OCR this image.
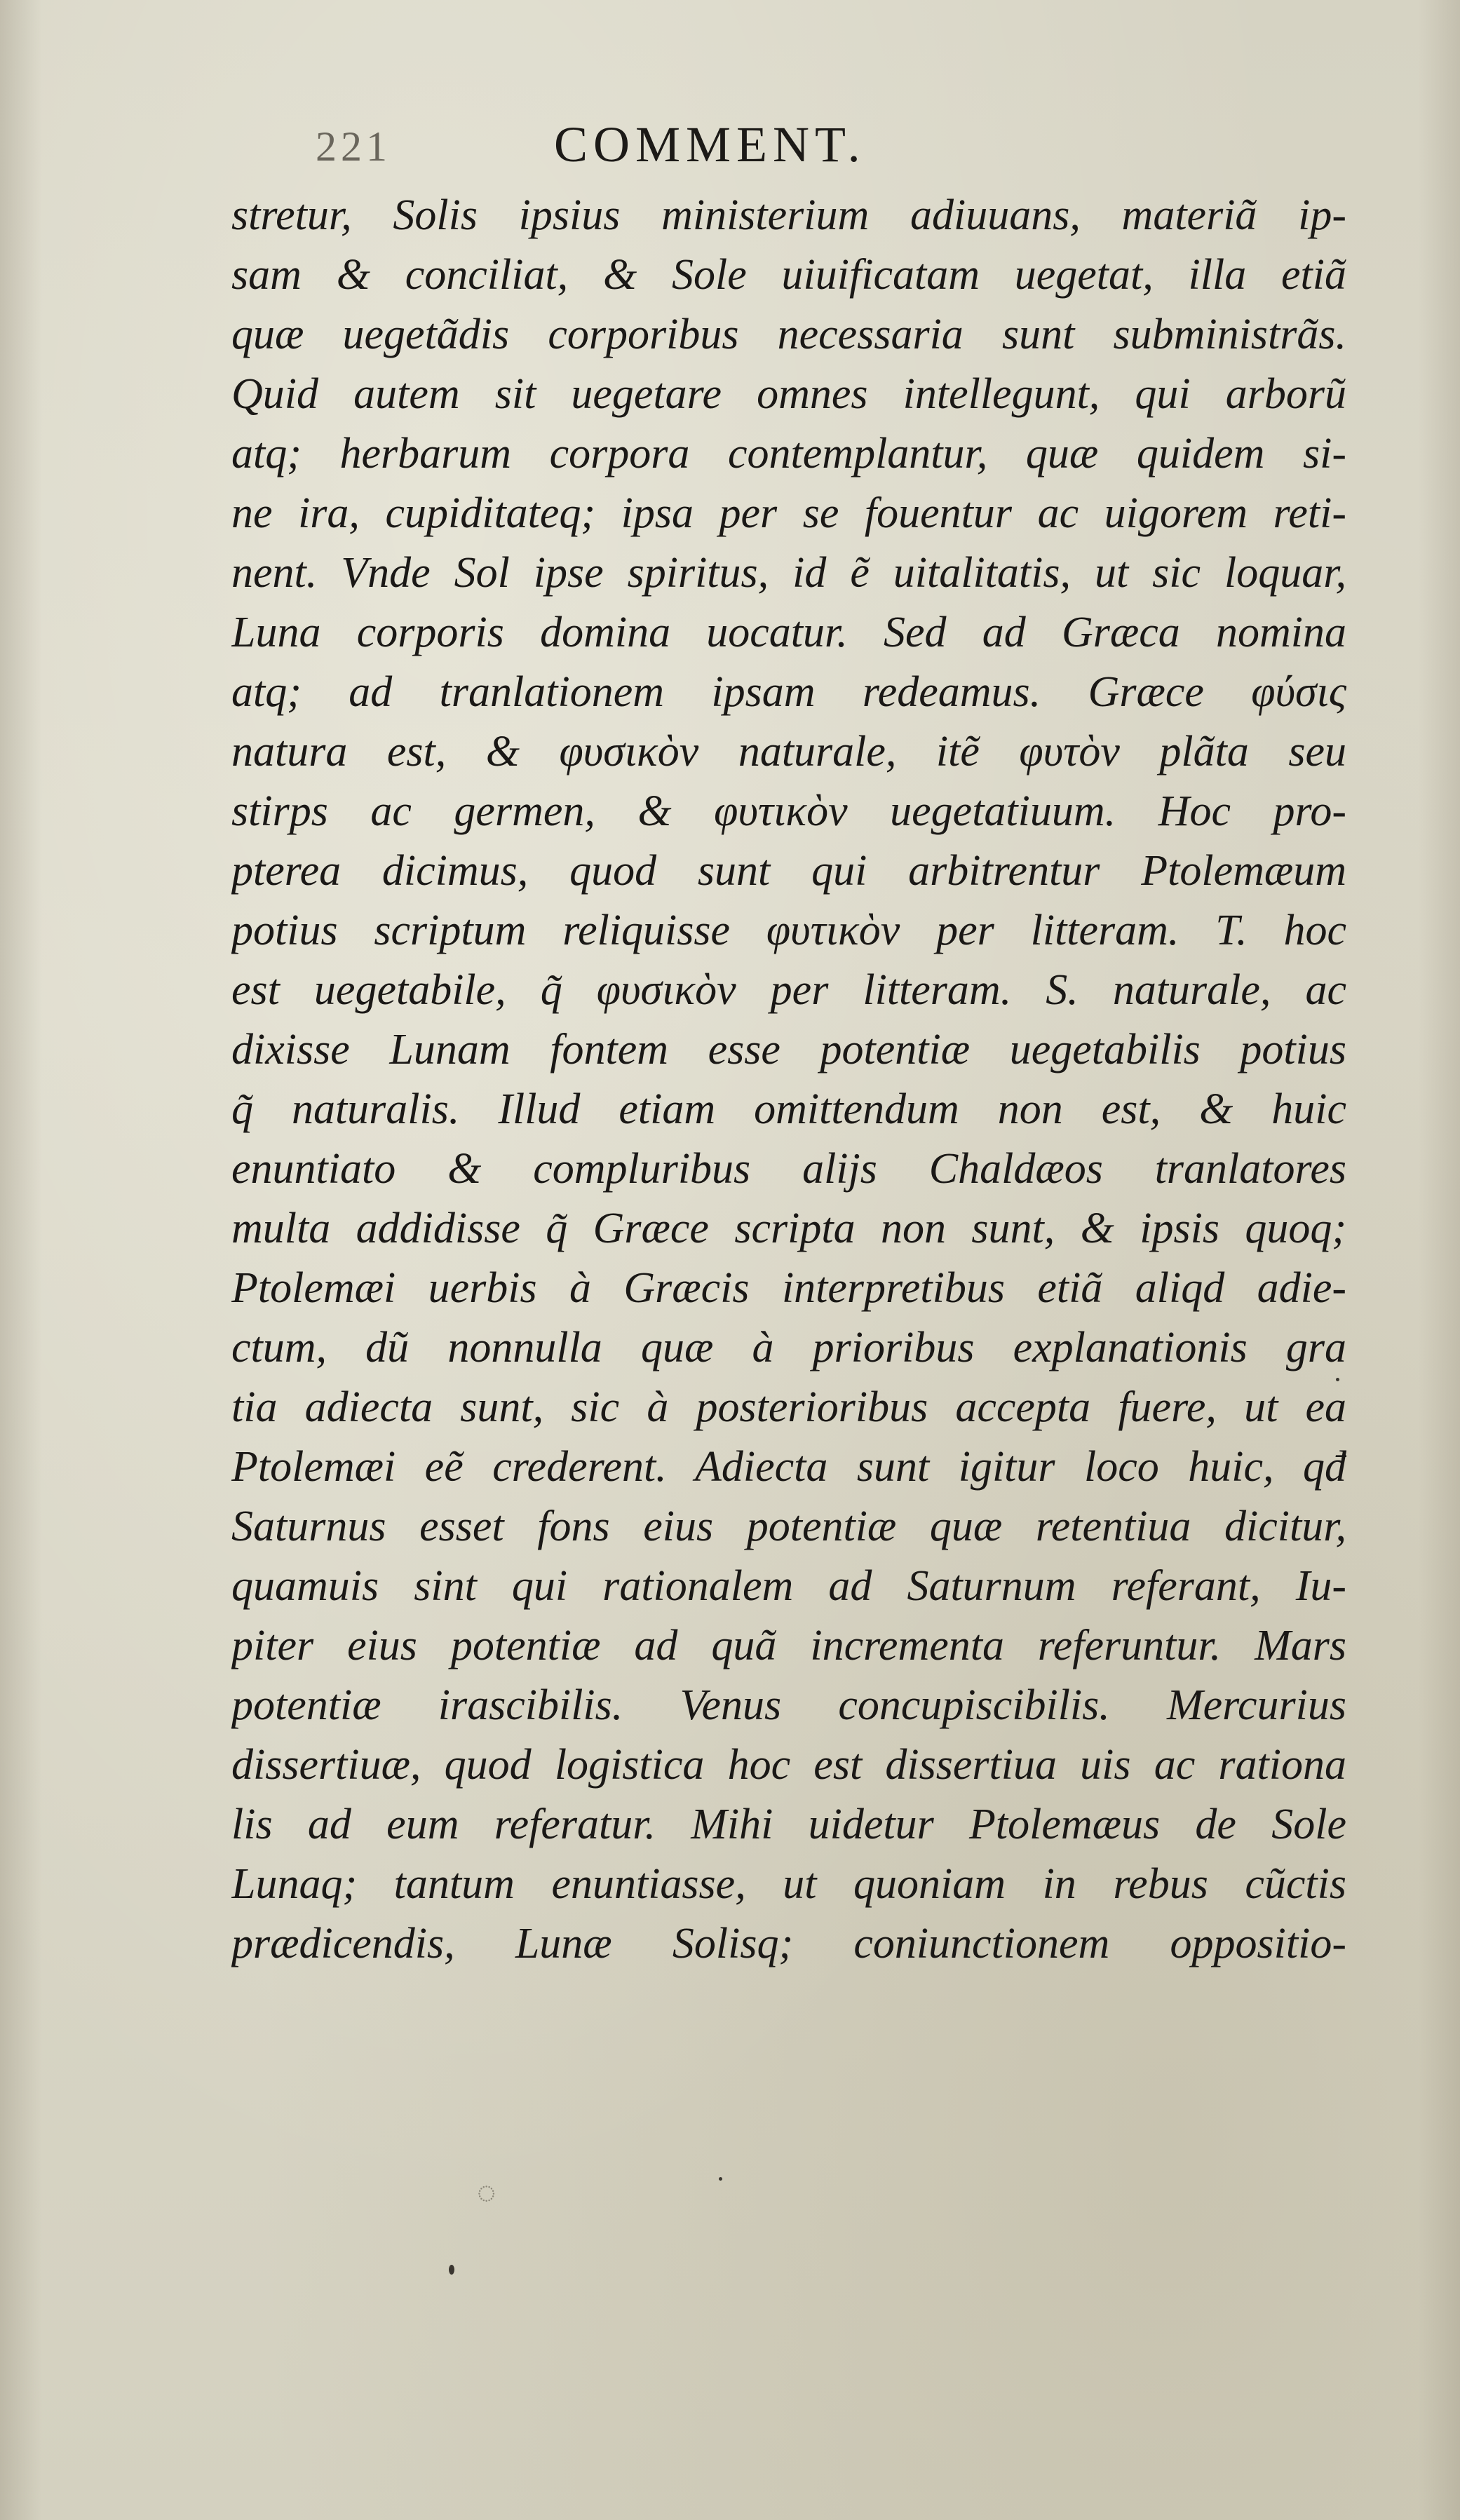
221	COMMENT.
stretur, Solis ipsius ministerium adiuuans, materiã ip-
sam & conciliat, & Sole uiuificatam uegetat, illa etiã
quæ uegetãdis corporibus necessaria sunt subministrãs.
Quid autem sit uegetare omnes intellegunt, qui arborũ
atq; herbarum corpora contemplantur, quæ quidem si-
ne ira, cupiditateq; ipsa per se fouentur ac uigorem reti-
nent. Vnde Sol ipse spiritus, id ẽ uitalitatis, ut sic loquar,
Luna corporis domina uocatur. Sed ad Græca nomina
atq; ad tranlationem ipsam redeamus. Græce φύσις
natura est, & φυσικὸν naturale, itẽ φυτὸν plãta seu
stirps ac germen, & φυτικὸν uegetatiuum. Hoc pro-
pterea dicimus, quod sunt qui arbitrentur Ptolemæum
potius scriptum reliquisse φυτικὸν per litteram. T. hoc
est uegetabile, q̃ φυσικὸν per litteram. S. naturale, ac
dixisse Lunam fontem esse potentiæ uegetabilis potius
q̃ naturalis. Illud etiam omittendum non est, & huic
enuntiato & compluribus alijs Chaldæos tranlatores
multa addidisse q̃ Græce scripta non sunt, & ipsis quoq;
Ptolemæi uerbis à Græcis interpretibus etiã aliqd adie-
ctum, dũ nonnulla quæ à prioribus explanationis gra
tia adiecta sunt, sic à posterioribus accepta fuere, ut ea
Ptolemæi eẽ crederent. Adiecta sunt igitur loco huic, qđ
Saturnus esset fons eius potentiæ quæ retentiua dicitur,
quamuis sint qui rationalem ad Saturnum referant, Iu-
piter eius potentiæ ad quã incrementa referuntur. Mars
potentiæ irascibilis. Venus concupiscibilis. Mercurius
dissertiuæ, quod logistica hoc est dissertiua uis ac rationa
lis ad eum referatur. Mihi uidetur Ptolemæus de Sole
Lunaq; tantum enuntiasse, ut quoniam in rebus cũctis
prædicendis, Lunæ Solisq; coniunctionem oppositio-
◌
